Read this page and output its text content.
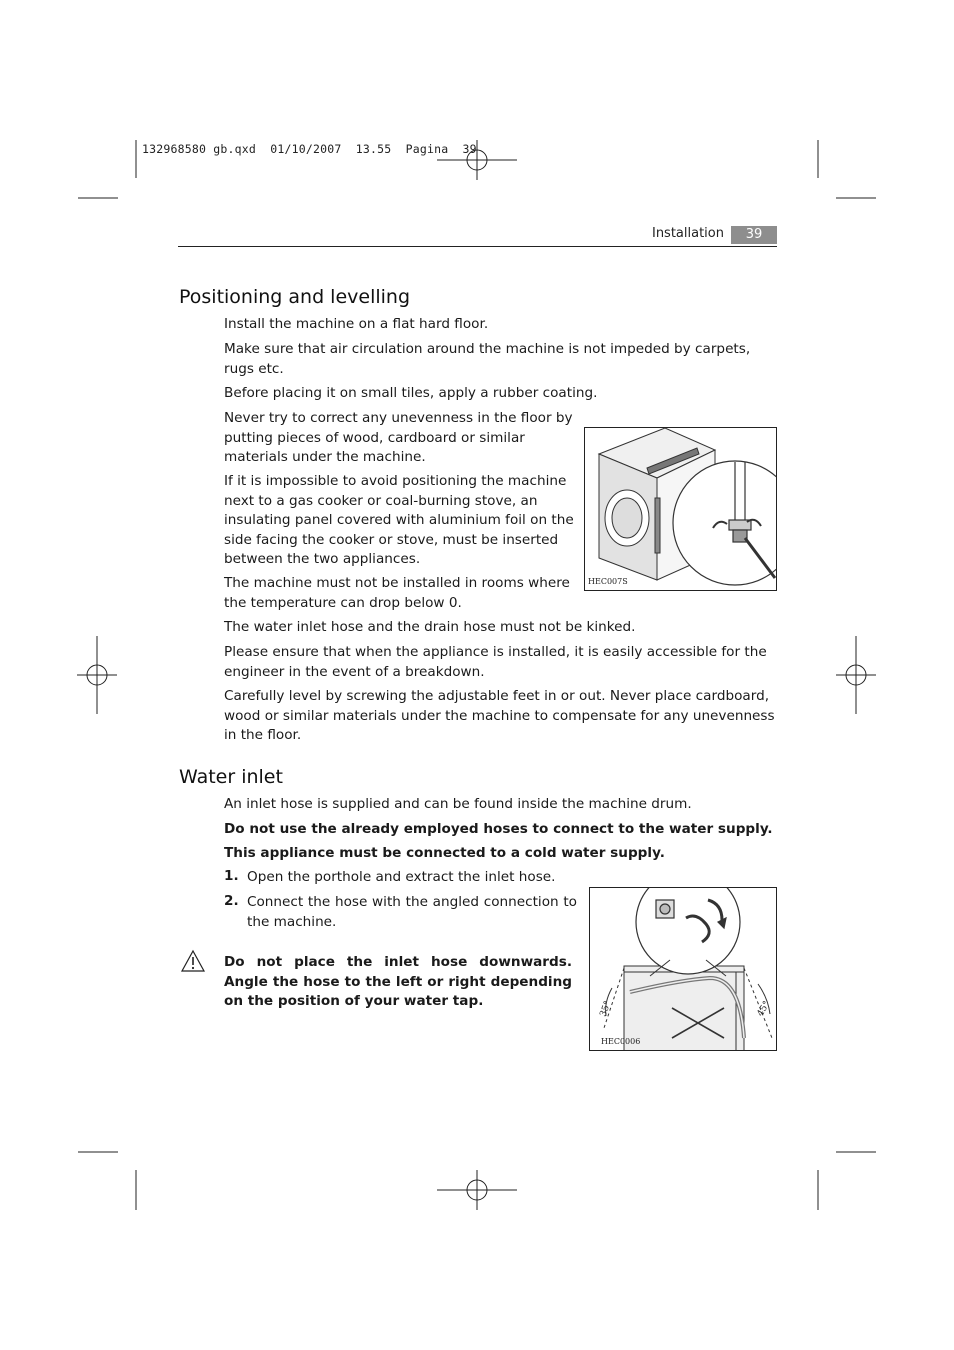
132968580 gb.qxd  01/10/2007  13.55  Pagina  39
Installation	39
Positioning and levelling

Install the machine on a flat hard floor.

Make sure that air circulation around the machine is not impeded by carpets, rugs etc.

Before placing it on small tiles, apply a rubber coating.

Never try to correct any unevenness in the floor by putting pieces of wood, cardboard or similar materials under the machine.

If it is impossible to avoid positioning the machine next to a gas cooker or coal-burning stove, an insulating panel covered with aluminium foil on the side facing the cooker or stove, must be inserted between the two appliances.

The machine must not be installed in rooms where the temperature can drop below 0.

The water inlet hose and the drain hose must not be kinked.

Please ensure that when the appliance is installed, it is easily accessible for the engineer in the event of a breakdown.

Carefully level by screwing the adjustable feet in or out. Never place cardboard, wood or similar materials under the machine to compensate for any unevenness in the floor.

HEC007S
Water inlet

An inlet hose is supplied and can be found inside the machine drum.

Do not use the already employed hoses to connect to the water supply.

This appliance must be connected to a cold water supply.

1. Open the porthole and extract the inlet hose.

2. Connect the hose with the angled connection to the machine.

Do not place the inlet hose downwards. Angle the hose to the left or right depending on the position of your water tap.	35°	45°
HEC0006
